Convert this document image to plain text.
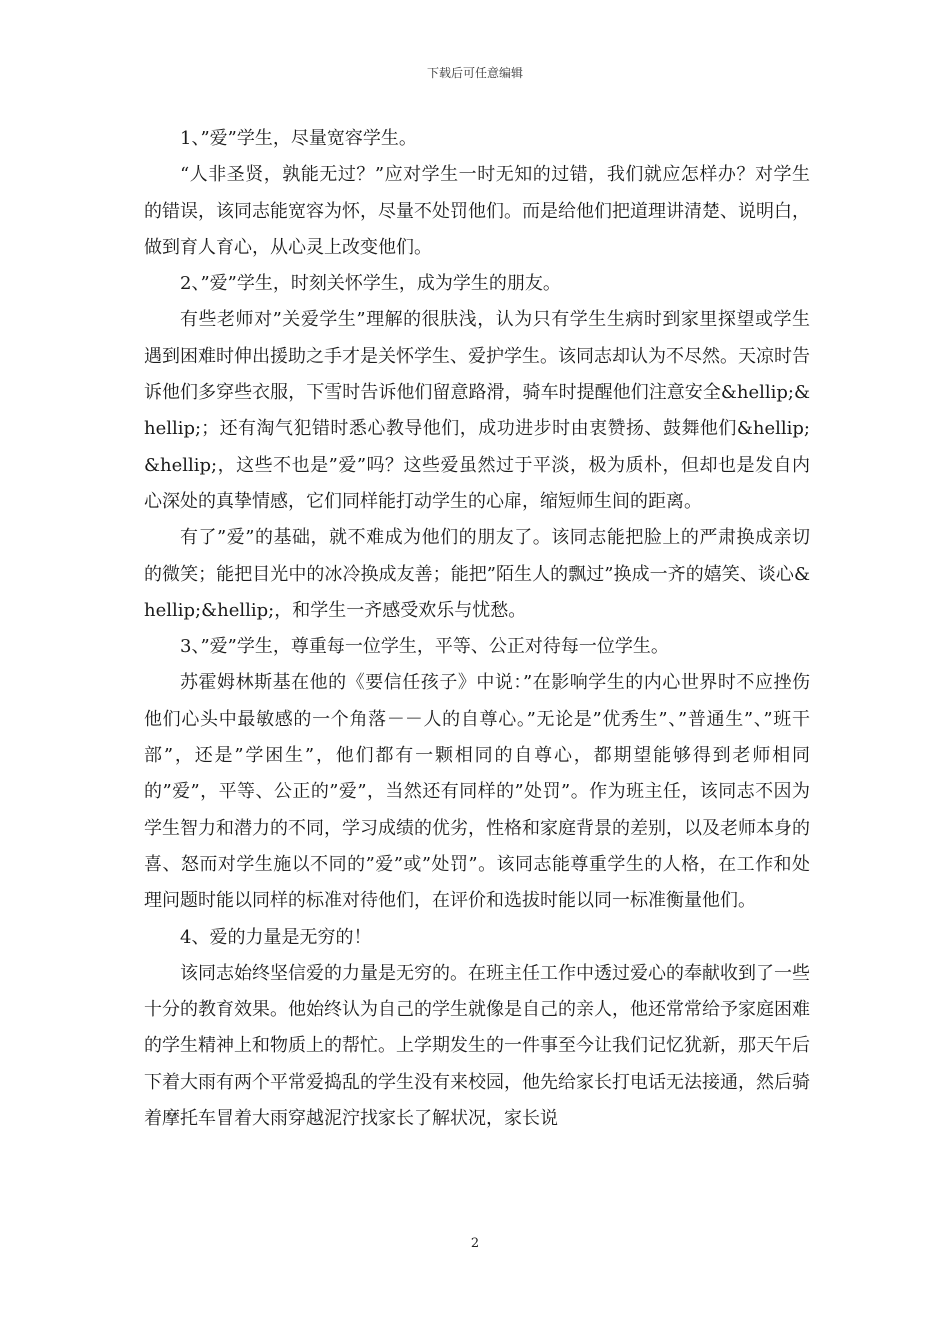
下载后可任意编辑

1、”爱”学生，尽量宽容学生。

“人非圣贤，孰能无过？”应对学生一时无知的过错，我们就应怎样办？对学生的错误，该同志能宽容为怀，尽量不处罚他们。而是给他们把道理讲清楚、说明白，做到育人育心，从心灵上改变他们。

2、”爱”学生，时刻关怀学生，成为学生的朋友。

有些老师对”关爱学生”理解的很肤浅，认为只有学生生病时到家里探望或学生遇到困难时伸出援助之手才是关怀学生、爱护学生。该同志却认为不尽然。天凉时告诉他们多穿些衣服，下雪时告诉他们留意路滑，骑车时提醒他们注意安全&hellip;&hellip;；还有淘气犯错时悉心教导他们，成功进步时由衷赞扬、鼓舞他们&hellip;&hellip;，这些不也是”爱”吗？这些爱虽然过于平淡，极为质朴，但却也是发自内心深处的真挚情感，它们同样能打动学生的心扉，缩短师生间的距离。

有了”爱”的基础，就不难成为他们的朋友了。该同志能把脸上的严肃换成亲切的微笑；能把目光中的冰冷换成友善；能把”陌生人的飘过”换成一齐的嬉笑、谈心&hellip;&hellip;，和学生一齐感受欢乐与忧愁。

3、”爱”学生，尊重每一位学生，平等、公正对待每一位学生。

苏霍姆林斯基在他的《要信任孩子》中说：”在影响学生的内心世界时不应挫伤他们心头中最敏感的一个角落－－人的自尊心。”无论是”优秀生”、”普通生”、”班干部”，还是”学困生”，他们都有一颗相同的自尊心，都期望能够得到老师相同的”爱”，平等、公正的”爱”，当然还有同样的”处罚”。作为班主任，该同志不因为学生智力和潜力的不同，学习成绩的优劣，性格和家庭背景的差别，以及老师本身的喜、怒而对学生施以不同的”爱”或”处罚”。该同志能尊重学生的人格，在工作和处理问题时能以同样的标准对待他们，在评价和选拔时能以同一标准衡量他们。

4、爱的力量是无穷的！

该同志始终坚信爱的力量是无穷的。在班主任工作中透过爱心的奉献收到了一些十分的教育效果。他始终认为自己的学生就像是自己的亲人，他还常常给予家庭困难的学生精神上和物质上的帮忙。上学期发生的一件事至今让我们记忆犹新，那天午后下着大雨有两个平常爱捣乱的学生没有来校园，他先给家长打电话无法接通，然后骑着摩托车冒着大雨穿越泥泞找家长了解状况，家长说

2
